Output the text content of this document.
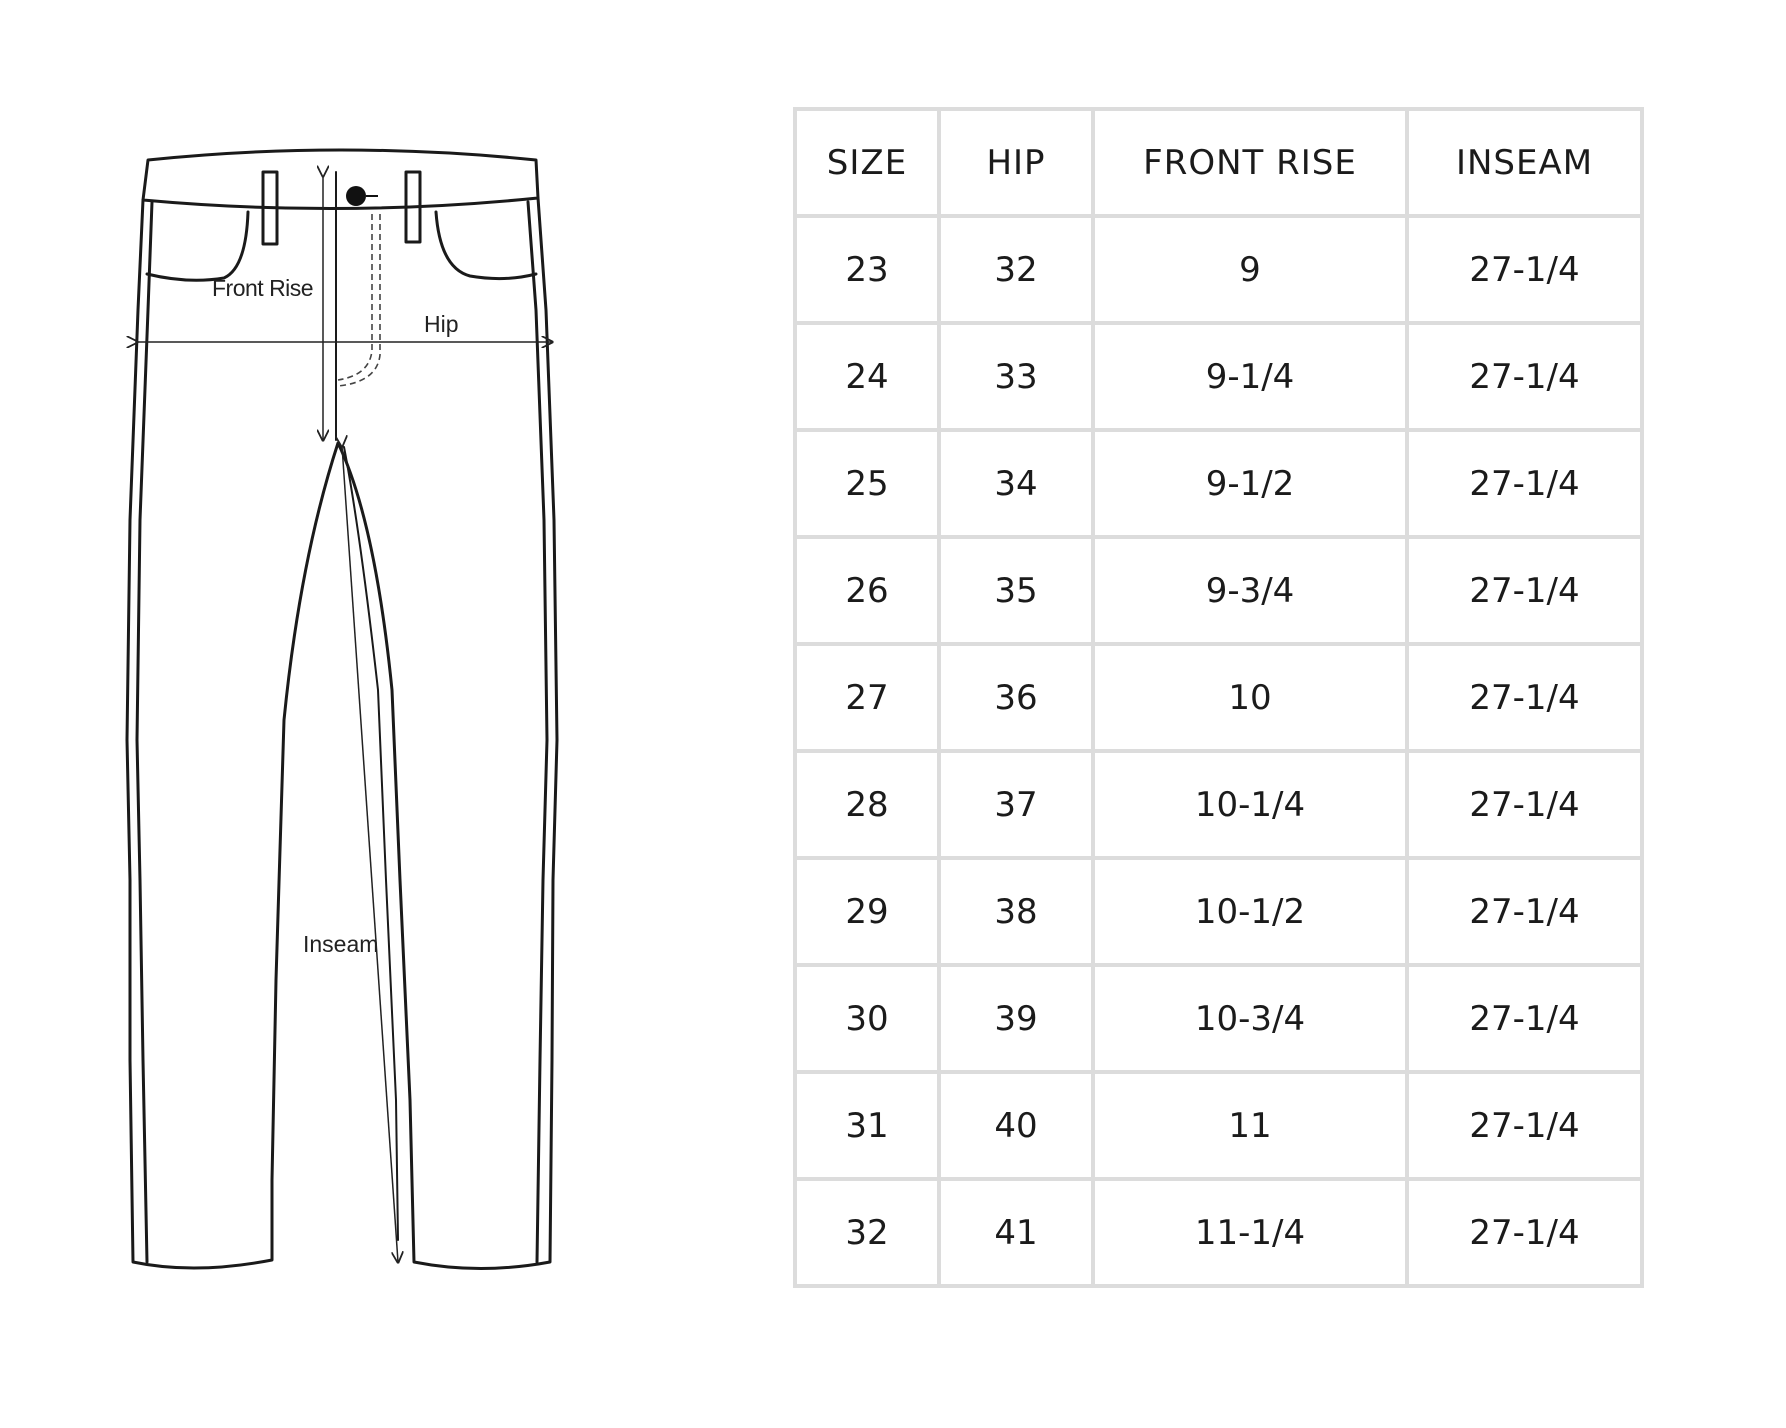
Front Rise
Hip
Inseam
SIZE	HIP	FRONT RISE	INSEAM
23	32	9	27-1/4
24	33	9-1/4	27-1/4
25	34	9-1/2	27-1/4
26	35	9-3/4	27-1/4
27	36	10	27-1/4
28	37	10-1/4	27-1/4
29	38	10-1/2	27-1/4
30	39	10-3/4	27-1/4
31	40	11	27-1/4
32	41	11-1/4	27-1/4
